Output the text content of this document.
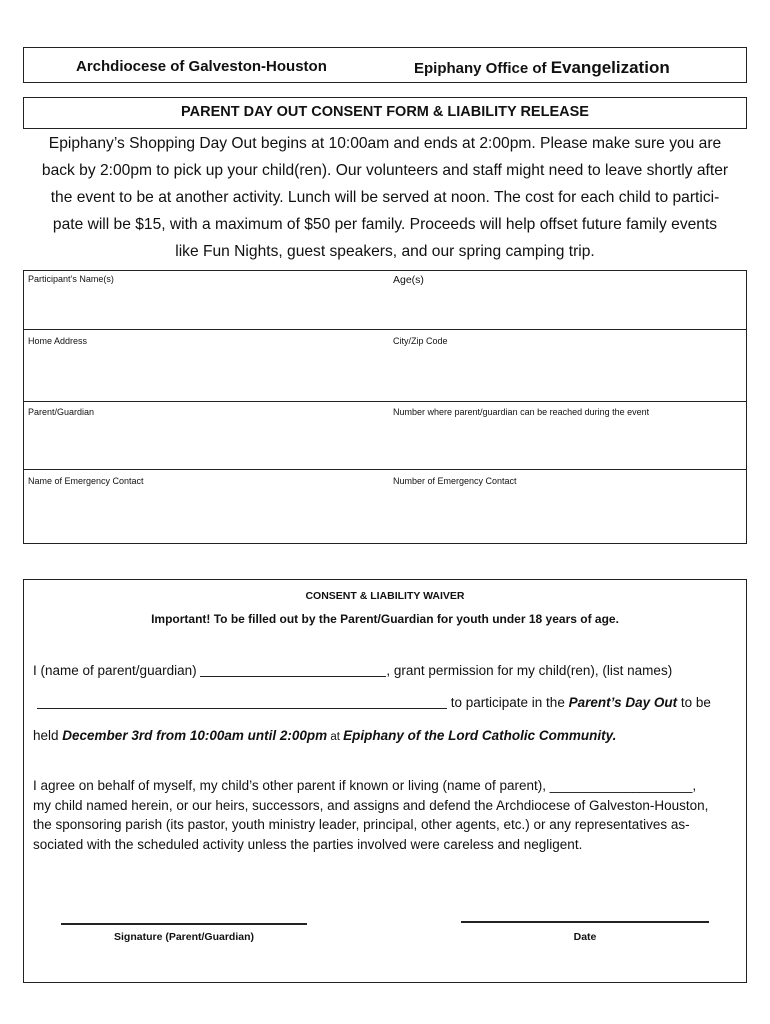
Archdiocese of Galveston-Houston	Epiphany Office of Evangelization
PARENT DAY OUT CONSENT FORM & LIABILITY RELEASE

Epiphany’s Shopping Day Out begins at 10:00am and ends at 2:00pm. Please make sure you are

back by 2:00pm to pick up your child(ren). Our volunteers and staff might need to leave shortly after

the event to be at another activity. Lunch will be served at noon. The cost for each child to partici-

pate will be $15, with a maximum of $50 per family. Proceeds will help offset future family events

like Fun Nights, guest speakers, and our spring camping trip.

Participant’s Name(s)	Age(s)
Home Address	City/Zip Code
Parent/Guardian	Number where parent/guardian can be reached during the event
Name of Emergency Contact	Number of Emergency Contact
CONSENT & LIABILITY WAIVER
Important! To be filled out by the Parent/Guardian for youth under 18 years of age.
I (name of parent/guardian)	, grant permission for my child(ren), (list names)
to participate in the Parent’s Day Out to be
held December 3rd from 10:00am until 2:00pm at Epiphany of the Lord Catholic Community.

I agree on behalf of myself, my child’s other parent if known or living (name of parent), ___________________,

my child named herein, or our heirs, successors, and assigns and defend the Archdiocese of Galveston-Houston,

the sponsoring parish (its pastor, youth ministry leader, principal, other agents, etc.) or any representatives as-

sociated with the scheduled activity unless the parties involved were careless and negligent.

Signature (Parent/Guardian)	Date
